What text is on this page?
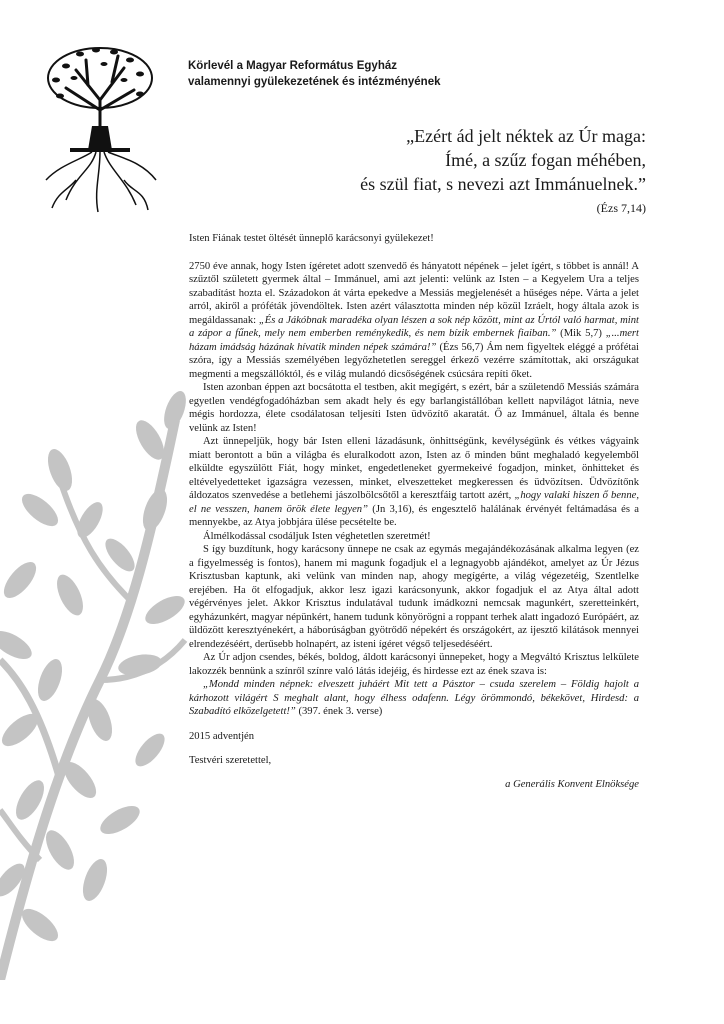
Körlevél a Magyar Református Egyház
valamennyi gyülekezetének és intézményének
„Ezért ád jelt néktek az Úr maga:
Ímé, a szűz fogan méhében,
és szül fiat, s nevezi azt Immánuelnek.”
(Ézs 7,14)
Isten Fiának testet öltését ünneplő karácsonyi gyülekezet!

2750 éve annak, hogy Isten ígéretet adott szenvedő és hányatott népének – jelet ígért, s többet is annál! A szűztől született gyermek által – Immánuel, ami azt jelenti: velünk az Isten – a Kegyelem Ura a teljes szabadítást hozta el. Századokon át várta epekedve a Messiás megjelenését a hűséges népe. Várta a jelet arról, akiről a próféták jövendöltek. Isten azért választotta minden nép közül Izráelt, hogy általa azok is megáldassanak: „És a Jákóbnak maradéka olyan lészen a sok nép között, mint az Úrtól való harmat, mint a zápor a fűnek, mely nem emberben reménykedik, és nem bízik embernek fiaiban.” (Mik 5,7) „...mert házam imádság házának hívatik minden népek számára!” (Ézs 56,7) Ám nem figyeltek eléggé a prófétai szóra, így a Messiás személyében legyőzhetetlen sereggel érkező vezérre számítottak, aki országukat megmenti a megszállóktól, és e világ mulandó dicsőségének csúcsára repíti őket.

Isten azonban éppen azt bocsátotta el testben, akit megígért, s ezért, bár a születendő Messiás számára egyetlen vendégfogadóházban sem akadt hely és egy barlangistállóban kellett napvilágot látnia, neve mégis hordozza, élete csodálatosan teljesíti Isten üdvözítő akaratát. Ő az Immánuel, általa és benne velünk az Isten!

Azt ünnepeljük, hogy bár Isten elleni lázadásunk, önhittségünk, kevélységünk és vétkes vágyaink miatt berontott a bűn a világba és eluralkodott azon, Isten az ő minden bűnt meghaladó kegyelemből elküldte egyszülött Fiát, hogy minket, engedetleneket gyermekeivé fogadjon, minket, önhitteket és eltévelyedetteket igazságra vezessen, minket, elveszetteket megkeressen és üdvözítsen. Üdvözítőnk áldozatos szenvedése a betlehemi jászolbölcsőtől a keresztfáig tartott azért, „hogy valaki hiszen ő benne, el ne vesszen, hanem örök élete legyen” (Jn 3,16), és engesztelő halálának érvényét feltámadása és a mennyekbe, az Atya jobbjára ülése pecsételte be.

Álmélkodással csodáljuk Isten véghetetlen szeretmét!

S így buzdítunk, hogy karácsony ünnepe ne csak az egymás megajándékozásának alkalma legyen (ez a figyelmesség is fontos), hanem mi magunk fogadjuk el a legnagyobb ajándékot, amelyet az Úr Jézus Krisztusban kaptunk, aki velünk van minden nap, ahogy megígérte, a világ végezetéig, Szentlelke erejében. Ha őt elfogadjuk, akkor lesz igazi karácsonyunk, akkor fogadjuk el az Atya által adott végérvényes jelet. Akkor Krisztus indulatával tudunk imádkozni nemcsak magunkért, szeretteinkért, egyházunkért, magyar népünkért, hanem tudunk könyörögni a roppant terhek alatt ingadozó Európáért, az üldözött keresztyénekért, a háborúságban gyötrődő népekért és országokért, az ijesztő kilátások mennyei elrendezéséért, derűsebb holnapért, az isteni ígéret végső teljesedéséért.

Az Úr adjon csendes, békés, boldog, áldott karácsonyi ünnepeket, hogy a Megváltó Krisztus lelkülete lakozzék bennünk a színről színre való látás idejéig, és hirdesse ezt az ének szava is:

„Mondd minden népnek: elveszett juháért Mit tett a Pásztor – csuda szerelem – Földig hajolt a kárhozott világért S meghalt alant, hogy élhess odafenn. Légy örömmondó, békekövet, Hirdesd: a Szabadító elközelgetett!” (397. ének 3. verse)

2015 adventjén

Testvéri szeretettel,

a Generális Konvent Elnöksége
